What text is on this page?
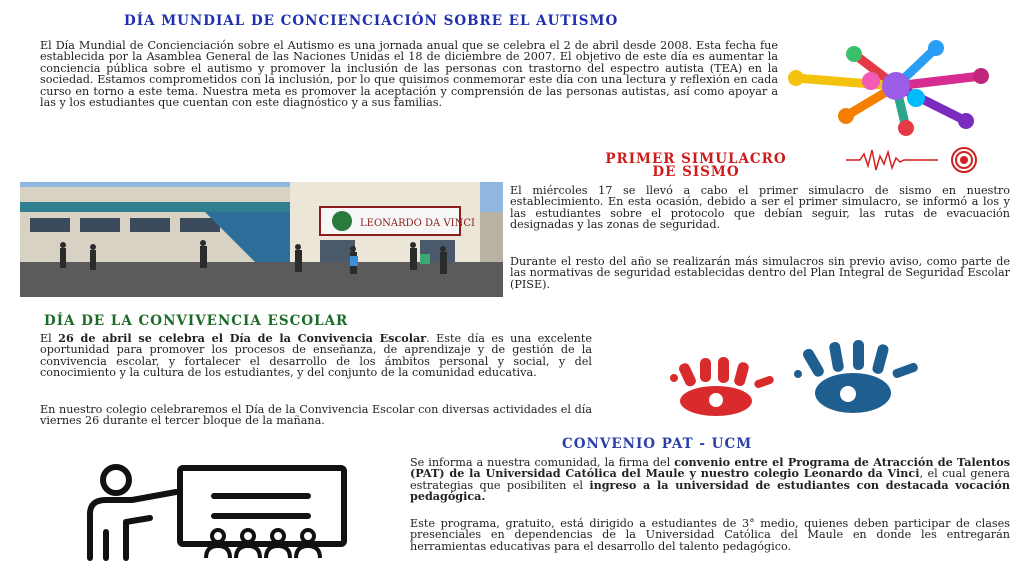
DÍA MUNDIAL DE CONCIENCIACIÓN SOBRE EL AUTISMO

El Día Mundial de Concienciación sobre el Autismo es una jornada anual que se celebra el 2 de abril desde 2008. Esta fecha fue establecida por la Asamblea General de las Naciones Unidas el 18 de diciembre de 2007. El objetivo de este día es aumentar la conciencia pública sobre el autismo y promover la inclusión de las personas con trastorno del espectro autista (TEA) en la sociedad. Estamos comprometidos con la inclusión, por lo que quisimos conmemorar este día con una lectura y reflexión en cada curso en torno a este tema. Nuestra meta es promover la aceptación y comprensión de las personas autistas, así como apoyar a las y los estudiantes que cuentan con este diagnóstico y a sus familias.

PRIMER SIMULACRO
DE SISMO
LEONARDO DA VINCI

El miércoles 17 se llevó a cabo el primer simulacro de sismo en nuestro establecimiento. En esta ocasión, debido a ser el primer simulacro, se informó a los y las estudiantes sobre el protocolo que debían seguir, las rutas de evacuación designadas y las zonas de seguridad.

Durante el resto del año se realizarán más simulacros sin previo aviso, como parte de las normativas de seguridad establecidas dentro del Plan Integral de Seguridad Escolar (PISE).

DÍA DE LA CONVIVENCIA ESCOLAR

El 26 de abril se celebra el Día de la Convivencia Escolar. Este día es una excelente oportunidad para promover los procesos de enseñanza, de aprendizaje y de gestión de la convivencia escolar, y fortalecer el desarrollo de los ámbitos personal y social, y del conocimiento y la cultura de los estudiantes, y del conjunto de la comunidad educativa.

En nuestro colegio celebraremos el Día de la Convivencia Escolar con diversas actividades el día viernes 26 durante el tercer bloque de la mañana.

CONVENIO PAT - UCM

Se informa a nuestra comunidad, la firma del convenio entre el Programa de Atracción de Talentos (PAT) de la Universidad Católica del Maule y nuestro colegio Leonardo da Vinci, el cual genera estrategias que posibiliten el ingreso a la universidad de estudiantes con destacada vocación pedagógica.

Este programa, gratuito, está dirigido a estudiantes de 3° medio, quienes deben participar de clases presenciales en dependencias de la Universidad Católica del Maule en donde les entregarán herramientas educativas para el desarrollo del talento pedagógico.
